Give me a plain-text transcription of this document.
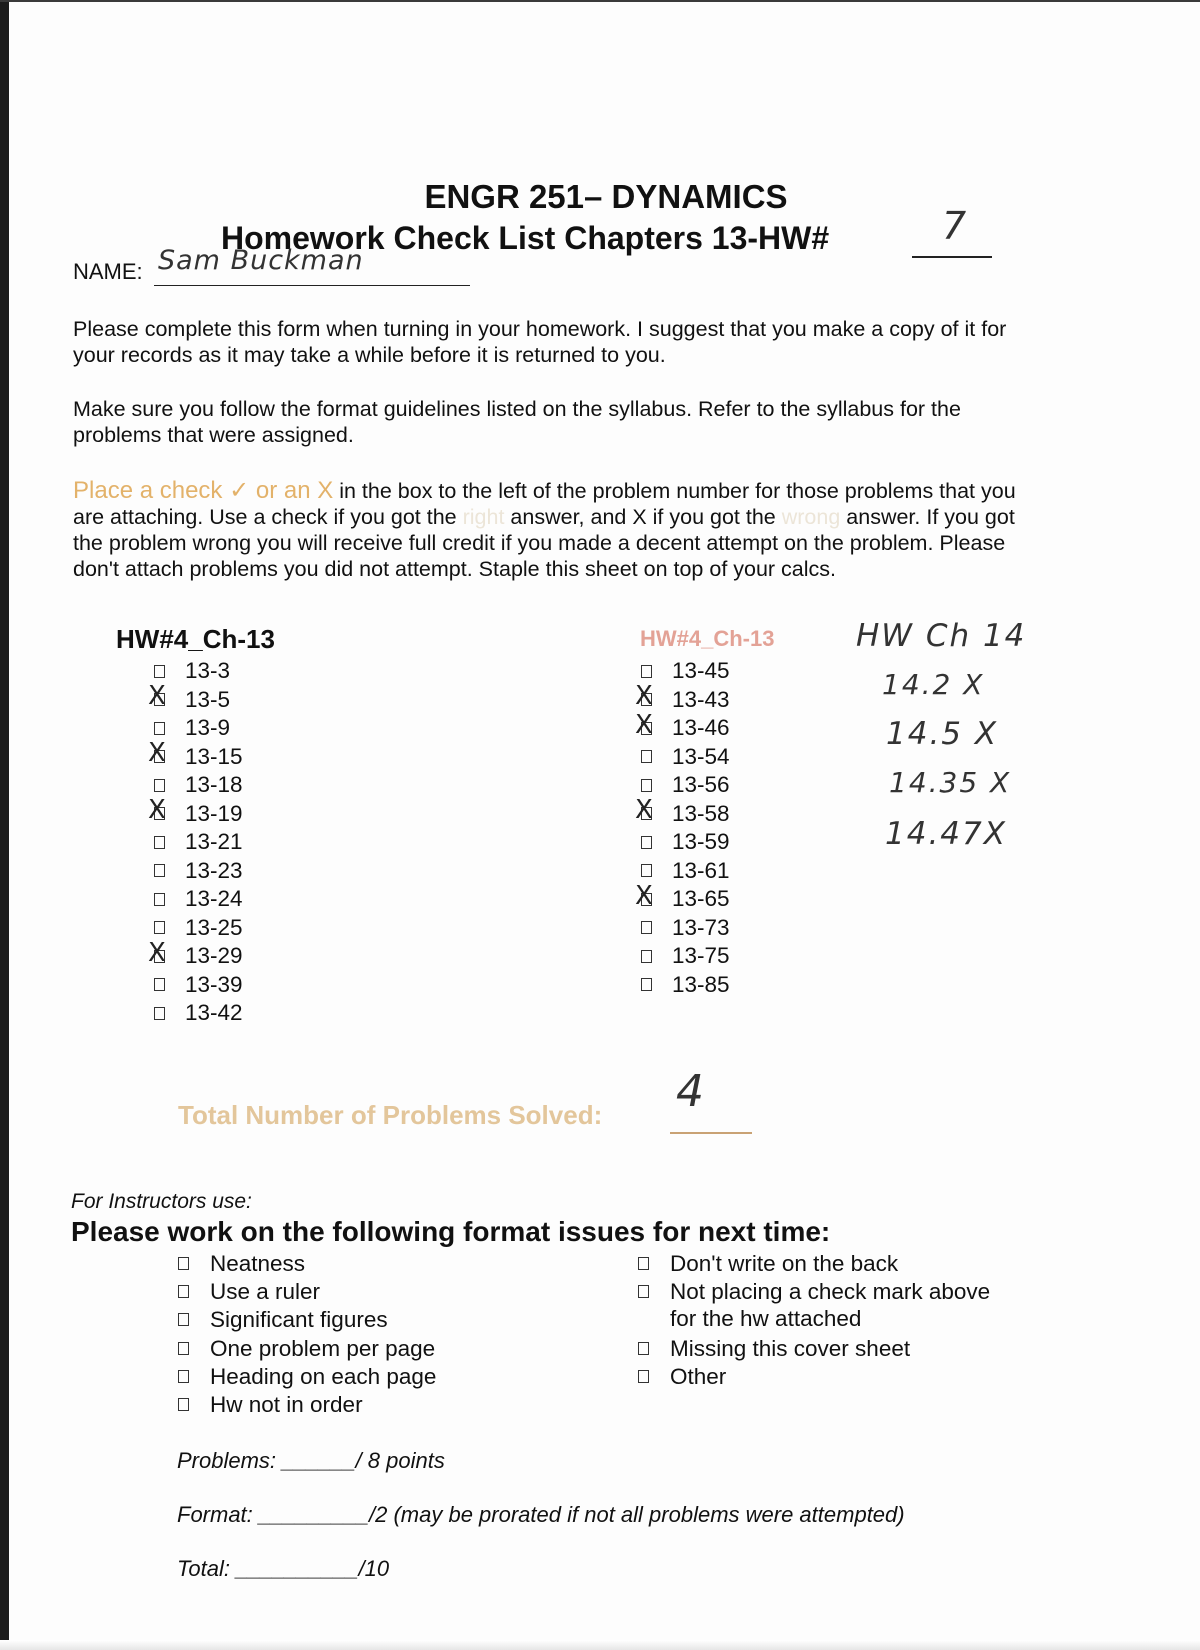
ENGR 251– DYNAMICS
Homework Check List Chapters 13-HW#	7
NAME: Sam Buckman
Please complete this form when turning in your homework. I suggest that you make a copy of it for
your records as it may take a while before it is returned to you.
Make sure you follow the format guidelines listed on the syllabus. Refer to the syllabus for the
problems that were assigned.
Place a check ✓ or an X in the box to the left of the problem number for those problems that you
are attaching. Use a check if you got the right answer, and X if you got the wrong answer. If you got
the problem wrong you will receive full credit if you made a decent attempt on the problem. Please
don't attach problems you did not attempt. Staple this sheet on top of your calcs.
HW#4_Ch-13	HW#4_Ch-13
13-3
X 13-5
13-9
X 13-15
13-18
X 13-19
13-21
13-23
13-24
13-25
X 13-29
13-39
13-42
13-45
X 13-43
X 13-46
13-54
13-56
X 13-58
13-59
13-61
X 13-65
13-73
13-75
13-85
HW Ch 14
14.2 X
14.5 X
14.35 X
14.47X
Total Number of Problems Solved: 4
For Instructors use:
Please work on the following format issues for next time:
Neatness
Use a ruler
Significant figures
One problem per page
Heading on each page
Hw not in order
Don't write on the back
Not placing a check mark above
for the hw attached
Missing this cover sheet
Other
Problems: ______/ 8 points
Format: _________/2 (may be prorated if not all problems were attempted)
Total: __________/10
